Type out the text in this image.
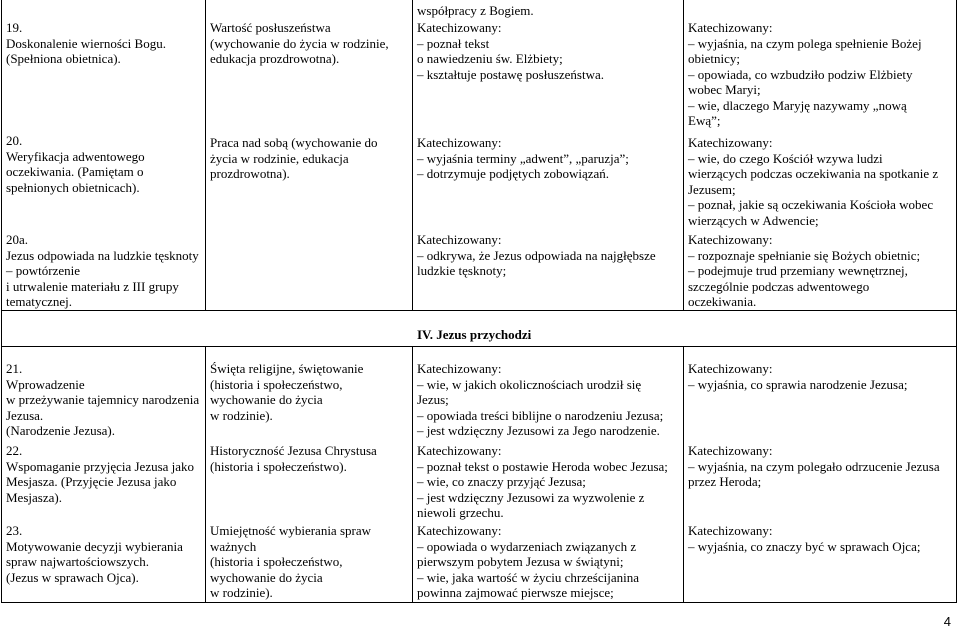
19.
Doskonalenie wierności Bogu.
(Spełniona obietnica).
20.
Weryfikacja adwentowego
oczekiwania. (Pamiętam o
spełnionych obietnicach).
20a.
Jezus odpowiada na ludzkie tęsknoty
– powtórzenie
i utrwalenie materiału z III grupy
tematycznej.
Wartość posłuszeństwa
(wychowanie do życia w rodzinie,
edukacja prozdrowotna).
Praca nad sobą (wychowanie do
życia w rodzinie, edukacja
prozdrowotna).
współpracy z Bogiem.
Katechizowany:
– poznał tekst
o nawiedzeniu św. Elżbiety;
– kształtuje postawę posłuszeństwa.
Katechizowany:
– wyjaśnia terminy „adwent”, „paruzja”;
– dotrzymuje podjętych zobowiązań.
Katechizowany:
– odkrywa, że Jezus odpowiada na najgłębsze
ludzkie tęsknoty;
Katechizowany:
– wyjaśnia, na czym polega spełnienie Bożej
obietnicy;
– opowiada, co wzbudziło podziw Elżbiety
wobec Maryi;
– wie, dlaczego Maryję nazywamy „nową
Ewą”;
Katechizowany:
– wie, do czego Kościół wzywa ludzi
wierzących podczas oczekiwania na spotkanie z
Jezusem;
– poznał, jakie są oczekiwania Kościoła wobec
wierzących w Adwencie;
Katechizowany:
– rozpoznaje spełnianie się Bożych obietnic;
– podejmuje trud przemiany wewnętrznej,
szczególnie podczas adwentowego
oczekiwania.
IV. Jezus przychodzi
21.
Wprowadzenie
w przeżywanie tajemnicy narodzenia
Jezusa.
(Narodzenie Jezusa).
22.
Wspomaganie przyjęcia Jezusa jako
Mesjasza. (Przyjęcie Jezusa jako
Mesjasza).
23.
Motywowanie decyzji wybierania
spraw najwartościowszych.
(Jezus w sprawach Ojca).
Święta religijne, świętowanie
(historia i społeczeństwo,
wychowanie do życia
w rodzinie).
Historyczność Jezusa Chrystusa
(historia i społeczeństwo).
Umiejętność wybierania spraw
ważnych
(historia i społeczeństwo,
wychowanie do życia
w rodzinie).
Katechizowany:
– wie, w jakich okolicznościach urodził się
Jezus;
– opowiada treści biblijne o narodzeniu Jezusa;
– jest wdzięczny Jezusowi za Jego narodzenie.
Katechizowany:
– poznał tekst o postawie Heroda wobec Jezusa;
– wie, co znaczy przyjąć Jezusa;
– jest wdzięczny Jezusowi za wyzwolenie z
niewoli grzechu.
Katechizowany:
– opowiada o wydarzeniach związanych z
pierwszym pobytem Jezusa w świątyni;
– wie, jaka wartość w życiu chrześcijanina
powinna zajmować pierwsze miejsce;
Katechizowany:
– wyjaśnia, co sprawia narodzenie Jezusa;
Katechizowany:
– wyjaśnia, na czym polegało odrzucenie Jezusa
przez Heroda;
Katechizowany:
– wyjaśnia, co znaczy być w sprawach Ojca;
4
